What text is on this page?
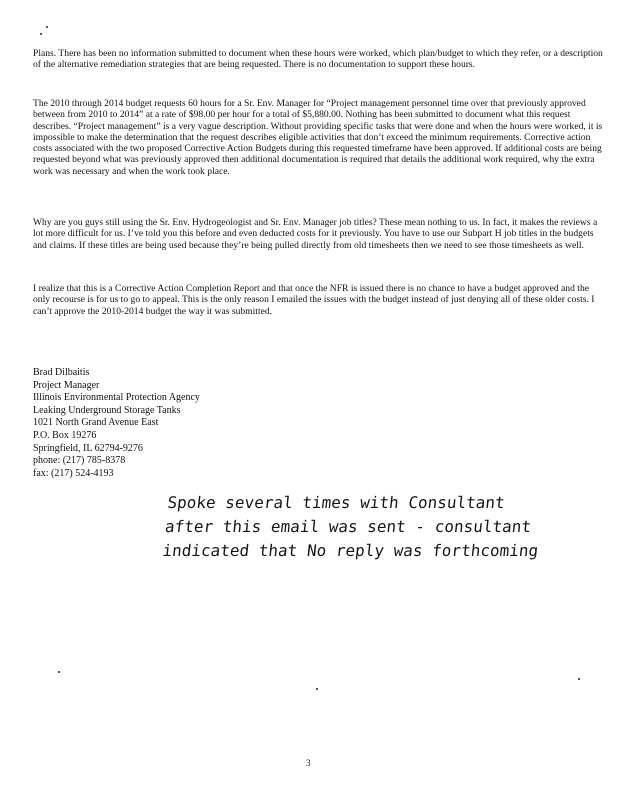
Plans. There has been no information submitted to document when these hours were worked, which plan/budget to which they refer, or a description of the alternative remediation strategies that are being requested. There is no documentation to support these hours.

The 2010 through 2014 budget requests 60 hours for a Sr. Env. Manager for “Project management personnel time over that previously approved between from 2010 to 2014” at a rate of $98.00 per hour for a total of $5,880.00. Nothing has been submitted to document what this request describes. “Project management” is a very vague description. Without providing specific tasks that were done and when the hours were worked, it is impossible to make the determination that the request describes eligible activities that don’t exceed the minimum requirements. Corrective action costs associated with the two proposed Corrective Action Budgets during this requested timeframe have been approved. If additional costs are being requested beyond what was previously approved then additional documentation is required that details the additional work required, why the extra work was necessary and when the work took place.

Why are you guys still using the Sr. Env. Hydrogeologist and Sr. Env. Manager job titles? These mean nothing to us. In fact, it makes the reviews a lot more difficult for us. I’ve told you this before and even deducted costs for it previously. You have to use our Subpart H job titles in the budgets and claims. If these titles are being used because they’re being pulled directly from old timesheets then we need to see those timesheets as well.

I realize that this is a Corrective Action Completion Report and that once the NFR is issued there is no chance to have a budget approved and the only recourse is for us to go to appeal. This is the only reason I emailed the issues with the budget instead of just denying all of these older costs. I can’t approve the 2010-2014 budget the way it was submitted.

Brad Dilbaitis
Project Manager
Illinois Environmental Protection Agency
Leaking Underground Storage Tanks
1021 North Grand Avenue East
P.O. Box 19276
Springfield, IL 62794-9276
phone: (217) 785-8378
fax: (217) 524-4193
Spoke several times with Consultant
after this email was sent - consultant
indicated that No reply was forthcoming
3
